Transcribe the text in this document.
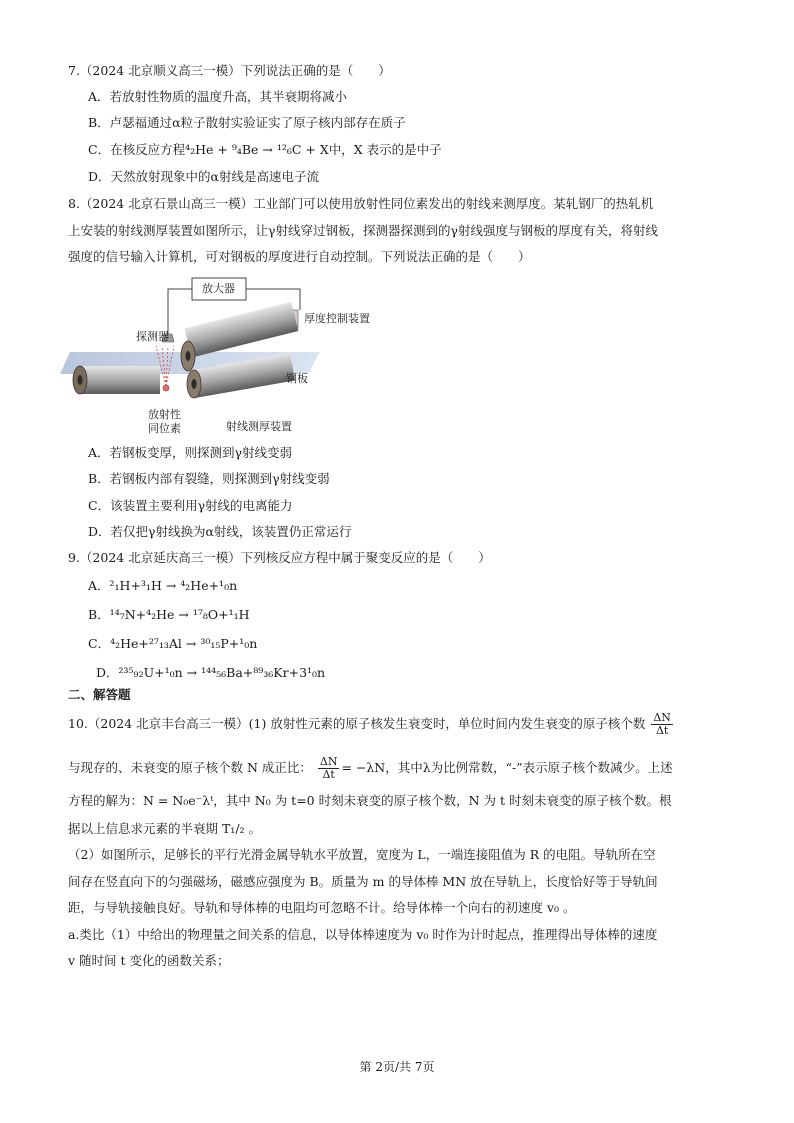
7.（2024 北京顺义高三一模）下列说法正确的是（　　）
A．若放射性物质的温度升高，其半衰期将减小
B．卢瑟福通过α粒子散射实验证实了原子核内部存在质子
C．在核反应方程⁴₂He + ⁹₄Be → ¹²₆C + X中，X 表示的是中子
D．天然放射现象中的α射线是高速电子流
8.（2024 北京石景山高三一模）工业部门可以使用放射性同位素发出的射线来测厚度。某轧钢厂的热轧机
上安装的射线测厚装置如图所示，让γ射线穿过钢板，探测器探测到的γ射线强度与钢板的厚度有关，将射线
强度的信号输入计算机，可对钢板的厚度进行自动控制。下列说法正确的是（　　）
探测器
放大器
厚度控制装置
钢板
放射性
同位素	射线测厚装置
A．若钢板变厚，则探测到γ射线变弱
B．若钢板内部有裂缝，则探测到γ射线变弱
C．该装置主要利用γ射线的电离能力
D．若仅把γ射线换为α射线，该装置仍正常运行
9.（2024 北京延庆高三一模）下列核反应方程中属于聚变反应的是（　　）
A．²₁H+³₁H → ⁴₂He+¹₀n
B．¹⁴₇N+⁴₂He → ¹⁷₈O+¹₁H
C．⁴₂He+²⁷₁₃Al → ³⁰₁₅P+¹₀n
D．²³⁵₉₂U+¹₀n → ¹⁴⁴₅₆Ba+⁸⁹₃₆Kr+3¹₀n
二、解答题
10.（2024 北京丰台高三一模）(1) 放射性元素的原子核发生衰变时，单位时间内发生衰变的原子核个数 $\frac{\Delta N}{\Delta t}$
与现存的、未衰变的原子核个数 N 成正比： $\frac{\Delta N}{\Delta t} = -\lambda N$，其中λ为比例常数，“-”表示原子核个数减少。上述
方程的解为：N = N₀e⁻λᵗ，其中 N₀ 为 t=0 时刻未衰变的原子核个数，N 为 t 时刻未衰变的原子核个数。根
据以上信息求元素的半衰期 T₁/₂ 。
（2）如图所示，足够长的平行光滑金属导轨水平放置，宽度为 L，一端连接阻值为 R 的电阻。导轨所在空
间存在竖直向下的匀强磁场，磁感应强度为 B。质量为 m 的导体棒 MN 放在导轨上，长度恰好等于导轨间
距，与导轨接触良好。导轨和导体棒的电阻均可忽略不计。给导体棒一个向右的初速度 v₀ 。
a.类比（1）中给出的物理量之间关系的信息，以导体棒速度为 v₀ 时作为计时起点，推理得出导体棒的速度
v 随时间 t 变化的函数关系；
第 2页/共 7页
